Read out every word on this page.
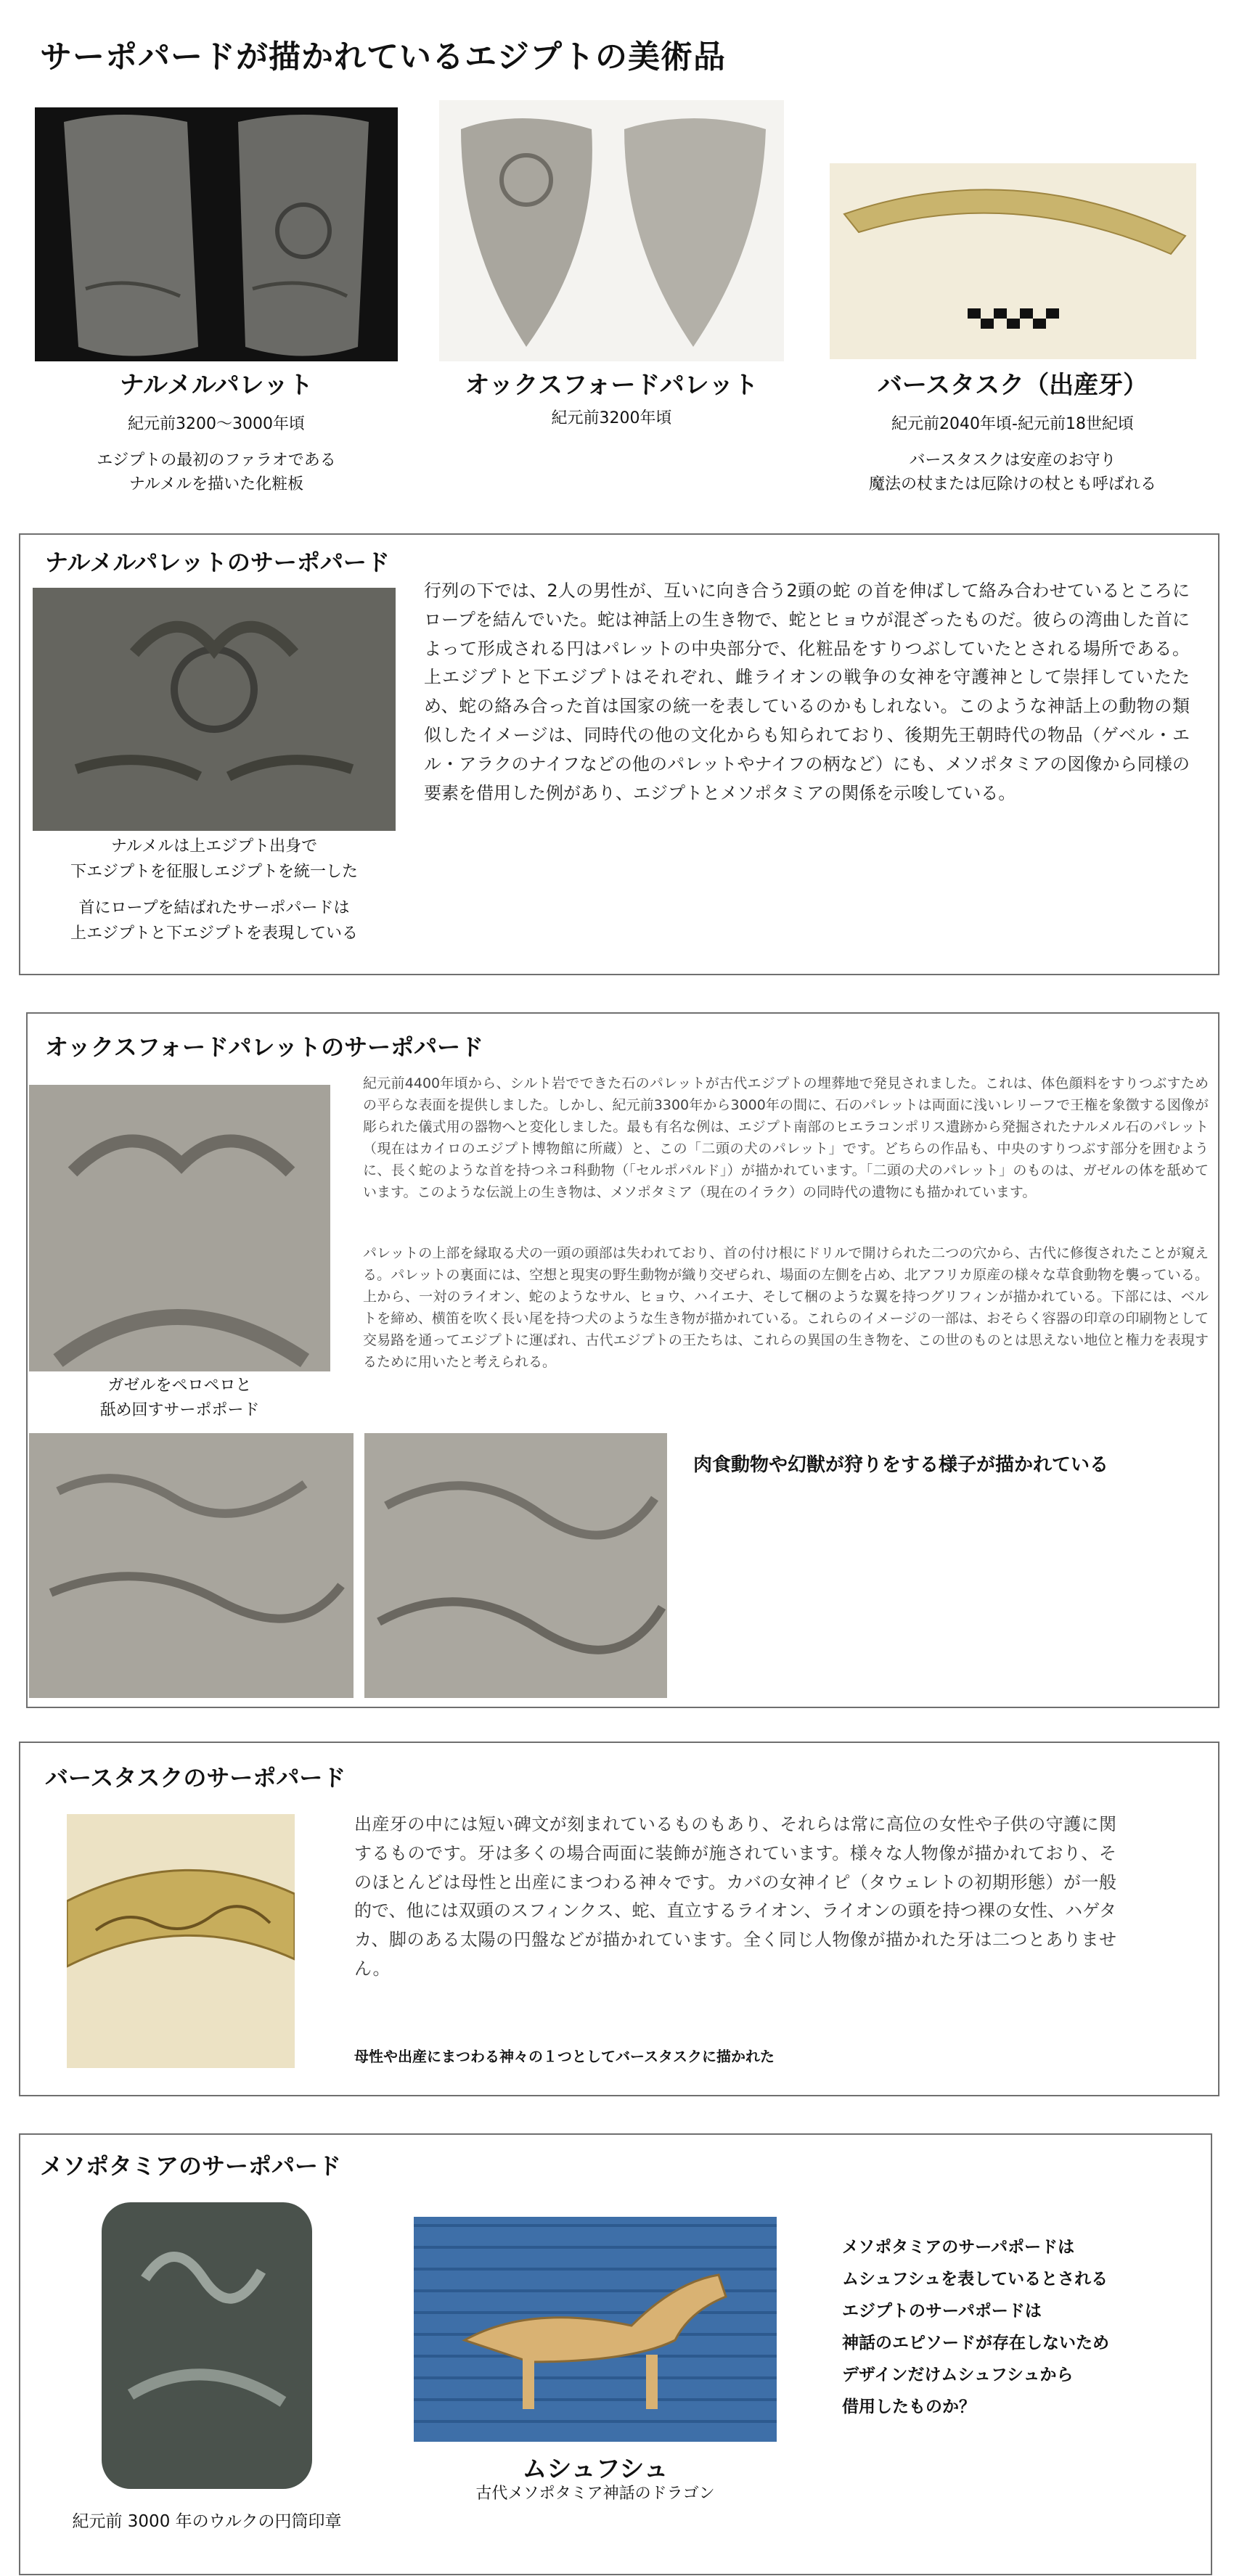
サーポパードが描かれているエジプトの美術品
ナルメルパレット
紀元前3200～3000年頃
エジプトの最初のファラオである
ナルメルを描いた化粧板
オックスフォードパレット
紀元前3200年頃
バースタスク（出産牙）
紀元前2040年頃-紀元前18世紀頃
バースタスクは安産のお守り
魔法の杖または厄除けの杖とも呼ばれる
ナルメルパレットのサーポパード
行列の下では、2人の男性が、互いに向き合う2頭の蛇 の首を伸ばして絡み合わせているところにロープを結んでいた。蛇は神話上の生き物で、蛇とヒョウが混ざったものだ。彼らの湾曲した首によって形成される円はパレットの中央部分で、化粧品をすりつぶしていたとされる場所である。上エジプトと下エジプトはそれぞれ、雌ライオンの戦争の女神を守護神として崇拝していたため、蛇の絡み合った首は国家の統一を表しているのかもしれない。このような神話上の動物の類似したイメージは、同時代の他の文化からも知られており、後期先王朝時代の物品（ゲベル・エル・アラクのナイフなどの他のパレットやナイフの柄など）にも、メソポタミアの図像から同様の要素を借用した例があり、エジプトとメソポタミアの関係を示唆している。
ナルメルは上エジプト出身で
下エジプトを征服しエジプトを統一した
首にロープを結ばれたサーポパードは
上エジプトと下エジプトを表現している
オックスフォードパレットのサーポパード
紀元前4400年頃から、シルト岩でできた石のパレットが古代エジプトの埋葬地で発見されました。これは、体色顔料をすりつぶすための平らな表面を提供しました。しかし、紀元前3300年から3000年の間に、石のパレットは両面に浅いレリーフで王権を象徴する図像が彫られた儀式用の器物へと変化しました。最も有名な例は、エジプト南部のヒエラコンポリス遺跡から発掘されたナルメル石のパレット（現在はカイロのエジプト博物館に所蔵）と、この「二頭の犬のパレット」です。どちらの作品も、中央のすりつぶす部分を囲むように、長く蛇のような首を持つネコ科動物（「セルポパルド」）が描かれています。「二頭の犬のパレット」のものは、ガゼルの体を舐めています。このような伝説上の生き物は、メソポタミア（現在のイラク）の同時代の遺物にも描かれています。
パレットの上部を縁取る犬の一頭の頭部は失われており、首の付け根にドリルで開けられた二つの穴から、古代に修復されたことが窺える。パレットの裏面には、空想と現実の野生動物が織り交ぜられ、場面の左側を占め、北アフリカ原産の様々な草食動物を襲っている。上から、一対のライオン、蛇のようなサル、ヒョウ、ハイエナ、そして梱のような翼を持つグリフィンが描かれている。下部には、ベルトを締め、横笛を吹く長い尾を持つ犬のような生き物が描かれている。これらのイメージの一部は、おそらく容器の印章の印刷物として交易路を通ってエジプトに運ばれ、古代エジプトの王たちは、これらの異国の生き物を、この世のものとは思えない地位と権力を表現するために用いたと考えられる。
ガゼルをペロペロと
舐め回すサーポポード
肉食動物や幻獣が狩りをする様子が描かれている
バースタスクのサーポパード
出産牙の中には短い碑文が刻まれているものもあり、それらは常に高位の女性や子供の守護に関するものです。牙は多くの場合両面に装飾が施されています。様々な人物像が描かれており、そのほとんどは母性と出産にまつわる神々です。カバの女神イピ（タウェレトの初期形態）が一般的で、他には双頭のスフィンクス、蛇、直立するライオン、ライオンの頭を持つ裸の女性、ハゲタカ、脚のある太陽の円盤などが描かれています。全く同じ人物像が描かれた牙は二つとありません。
母性や出産にまつわる神々の１つとしてバースタスクに描かれた
メソポタミアのサーポパード
紀元前 3000 年のウルクの円筒印章
ムシュフシュ
古代メソポタミア神話のドラゴン
メソポタミアのサーパポードは
ムシュフシュを表しているとされる
エジプトのサーパポードは
神話のエピソードが存在しないため
デザインだけムシュフシュから
借用したものか？
